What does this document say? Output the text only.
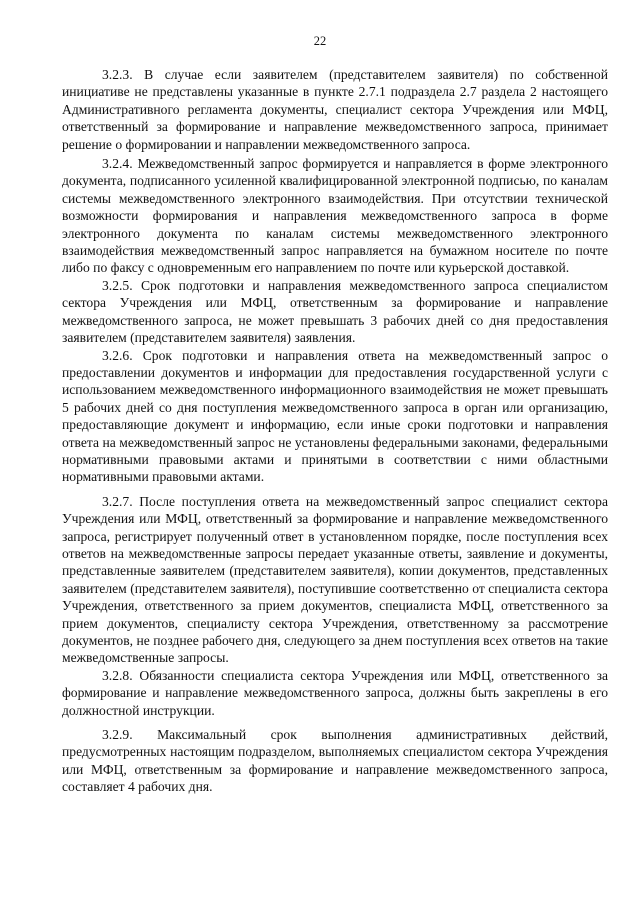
22

3.2.3. В случае если заявителем (представителем заявителя) по собственной инициативе не представлены указанные в пункте 2.7.1 подраздела 2.7 раздела 2 настоящего Административного регламента документы, специалист сектора Учреждения или МФЦ, ответственный за формирование и направление межведомственного запроса, принимает решение о формировании и направлении межведомственного запроса.

3.2.4. Межведомственный запрос формируется и направляется в форме электронного документа, подписанного усиленной квалифицированной электронной подписью, по каналам системы межведомственного электронного взаимодействия. При отсутствии технической возможности формирования и направления межведомственного запроса в форме электронного документа по каналам системы межведомственного электронного взаимодействия межведомственный запрос направляется на бумажном носителе по почте либо по факсу с одновременным его направлением по почте или курьерской доставкой.

3.2.5. Срок подготовки и направления межведомственного запроса специалистом сектора Учреждения или МФЦ, ответственным за формирование и направление межведомственного запроса, не может превышать 3 рабочих дней со дня предоставления заявителем (представителем заявителя) заявления.

3.2.6. Срок подготовки и направления ответа на межведомственный запрос о предоставлении документов и информации для предоставления государственной услуги с использованием межведомственного информационного взаимодействия не может превышать 5 рабочих дней со дня поступления межведомственного запроса в орган или организацию, предоставляющие документ и информацию, если иные сроки подготовки и направления ответа на межведомственный запрос не установлены федеральными законами, федеральными нормативными правовыми актами и принятыми в соответствии с ними областными нормативными правовыми актами.

3.2.7. После поступления ответа на межведомственный запрос специалист сектора Учреждения или МФЦ, ответственный за формирование и направление межведомственного запроса, регистрирует полученный ответ в установленном порядке, после поступления всех ответов на межведомственные запросы передает указанные ответы, заявление и документы, представленные заявителем (представителем заявителя), копии документов, представленных заявителем (представителем заявителя), поступившие соответственно от специалиста сектора Учреждения, ответственного за прием документов, специалиста МФЦ, ответственного за прием документов, специалисту сектора Учреждения, ответственному за рассмотрение документов, не позднее рабочего дня, следующего за днем поступления всех ответов на такие межведомственные запросы.

3.2.8. Обязанности специалиста сектора Учреждения или МФЦ, ответственного за формирование и направление межведомственного запроса, должны быть закреплены в его должностной инструкции.

3.2.9. Максимальный срок выполнения административных действий, предусмотренных настоящим подразделом, выполняемых специалистом сектора Учреждения или МФЦ, ответственным за формирование и направление межведомственного запроса, составляет 4 рабочих дня.
